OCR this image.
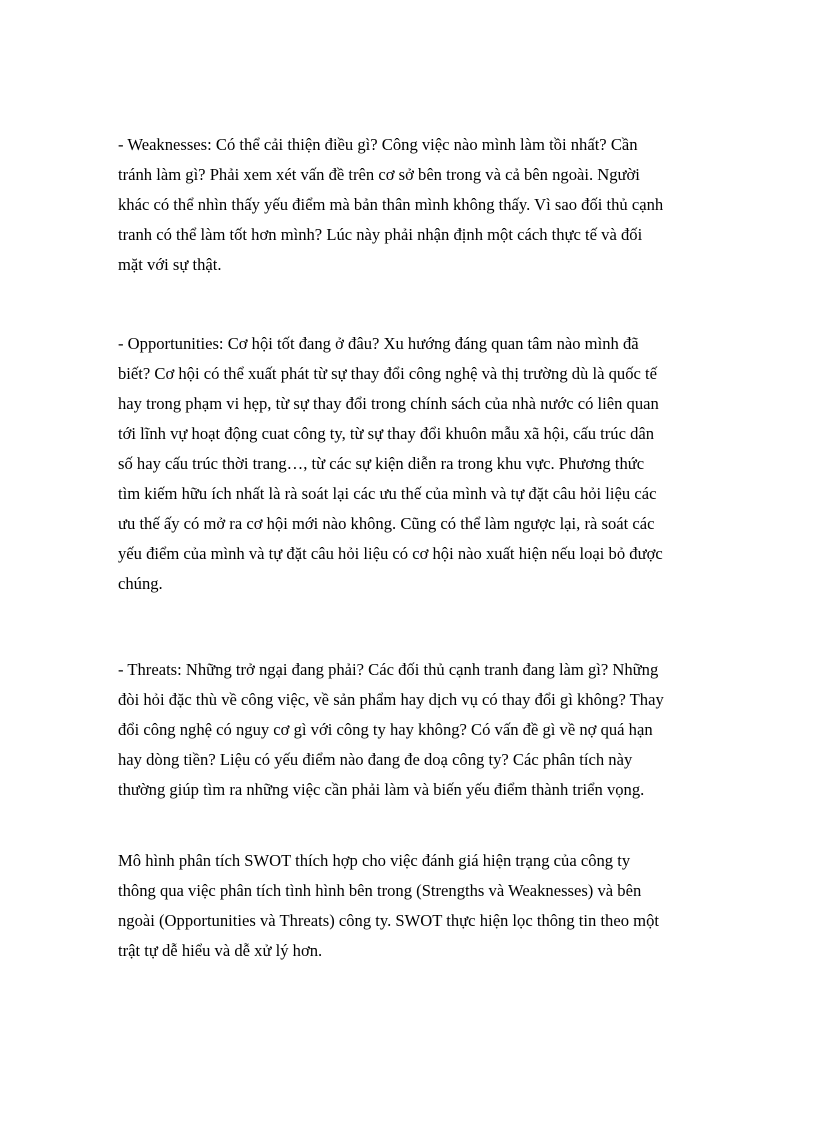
- Weaknesses: Có thể cải thiện điều gì? Công việc nào mình làm tồi nhất? Cần
tránh làm gì? Phải xem xét vấn đề trên cơ sở bên trong và cả bên ngoài. Người
khác có thể nhìn thấy yếu điểm mà bản thân mình không thấy. Vì sao đối thủ cạnh
tranh có thể làm tốt hơn mình? Lúc này phải nhận định một cách thực tế và đối
mặt với sự thật.

- Opportunities: Cơ hội tốt đang ở đâu? Xu hướng đáng quan tâm nào mình đã
biết? Cơ hội có thể xuất phát từ sự thay đổi công nghệ và thị trường dù là quốc tế
hay trong phạm vi hẹp, từ sự thay đổi trong chính sách của nhà nước có liên quan
tới lĩnh vự hoạt động cuat công ty, từ sự thay đổi khuôn mẫu xã hội, cấu trúc dân
số hay cấu trúc thời trang…, từ các sự kiện diễn ra trong khu vực. Phương thức
tìm kiếm hữu ích nhất là rà soát lại các ưu thế của mình và tự đặt câu hỏi liệu các
ưu thế ấy có mở ra cơ hội mới nào không. Cũng có thể làm ngược lại, rà soát các
yếu điểm của mình và tự đặt câu hỏi liệu có cơ hội nào xuất hiện nếu loại bỏ được
chúng.

- Threats: Những trở ngại đang phải? Các đối thủ cạnh tranh đang làm gì? Những
đòi hỏi đặc thù về công việc, về sản phẩm hay dịch vụ có thay đổi gì không? Thay
đổi công nghệ có nguy cơ gì với công ty hay không? Có vấn đề gì về nợ quá hạn
hay dòng tiền? Liệu có yếu điểm nào đang đe doạ công ty? Các phân tích này
thường giúp tìm ra những việc cần phải làm và biến yếu điểm thành triển vọng.

Mô hình phân tích SWOT thích hợp cho việc đánh giá hiện trạng của công ty
thông qua việc phân tích tình hình bên trong (Strengths và Weaknesses) và bên
ngoài (Opportunities và Threats) công ty. SWOT thực hiện lọc thông tin theo một
trật tự dễ hiểu và dễ xử lý hơn.
